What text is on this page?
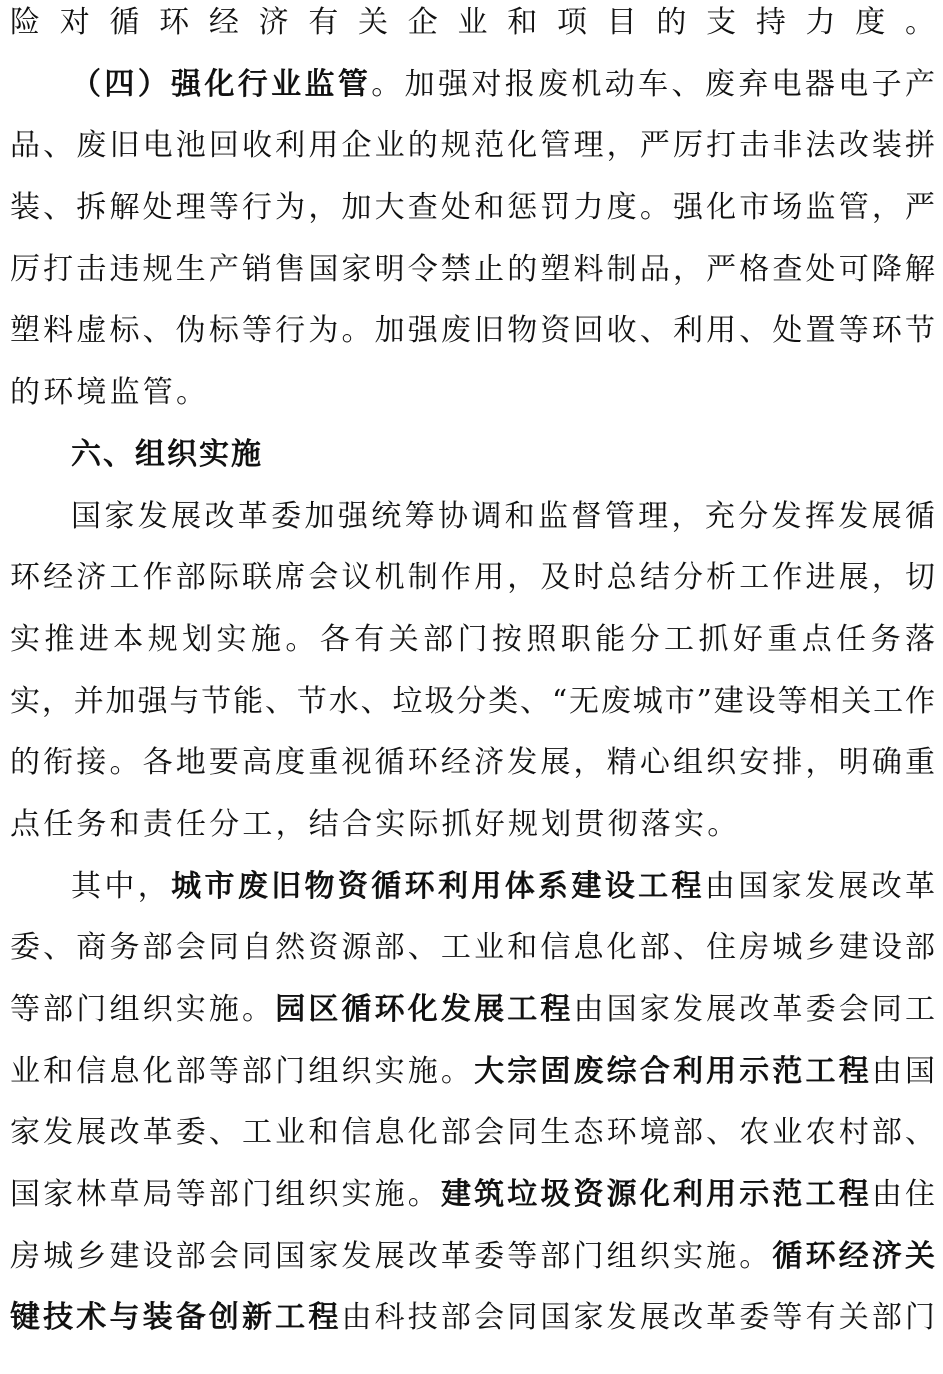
险对循环经济有关企业和项目的支持力度。
（四）强化行业监管。加强对报废机动车、废弃电器电子产
品、废旧电池回收利用企业的规范化管理，严厉打击非法改装拼
装、拆解处理等行为，加大查处和惩罚力度。强化市场监管，严
厉打击违规生产销售国家明令禁止的塑料制品，严格查处可降解
塑料虚标、伪标等行为。加强废旧物资回收、利用、处置等环节
的环境监管。
六、组织实施
国家发展改革委加强统筹协调和监督管理，充分发挥发展循
环经济工作部际联席会议机制作用，及时总结分析工作进展，切
实推进本规划实施。各有关部门按照职能分工抓好重点任务落
实，并加强与节能、节水、垃圾分类、“无废城市”建设等相关工作
的衔接。各地要高度重视循环经济发展，精心组织安排，明确重
点任务和责任分工，结合实际抓好规划贯彻落实。
其中，城市废旧物资循环利用体系建设工程由国家发展改革
委、商务部会同自然资源部、工业和信息化部、住房城乡建设部
等部门组织实施。园区循环化发展工程由国家发展改革委会同工
业和信息化部等部门组织实施。大宗固废综合利用示范工程由国
家发展改革委、工业和信息化部会同生态环境部、农业农村部、
国家林草局等部门组织实施。建筑垃圾资源化利用示范工程由住
房城乡建设部会同国家发展改革委等部门组织实施。循环经济关
键技术与装备创新工程由科技部会同国家发展改革委等有关部门
